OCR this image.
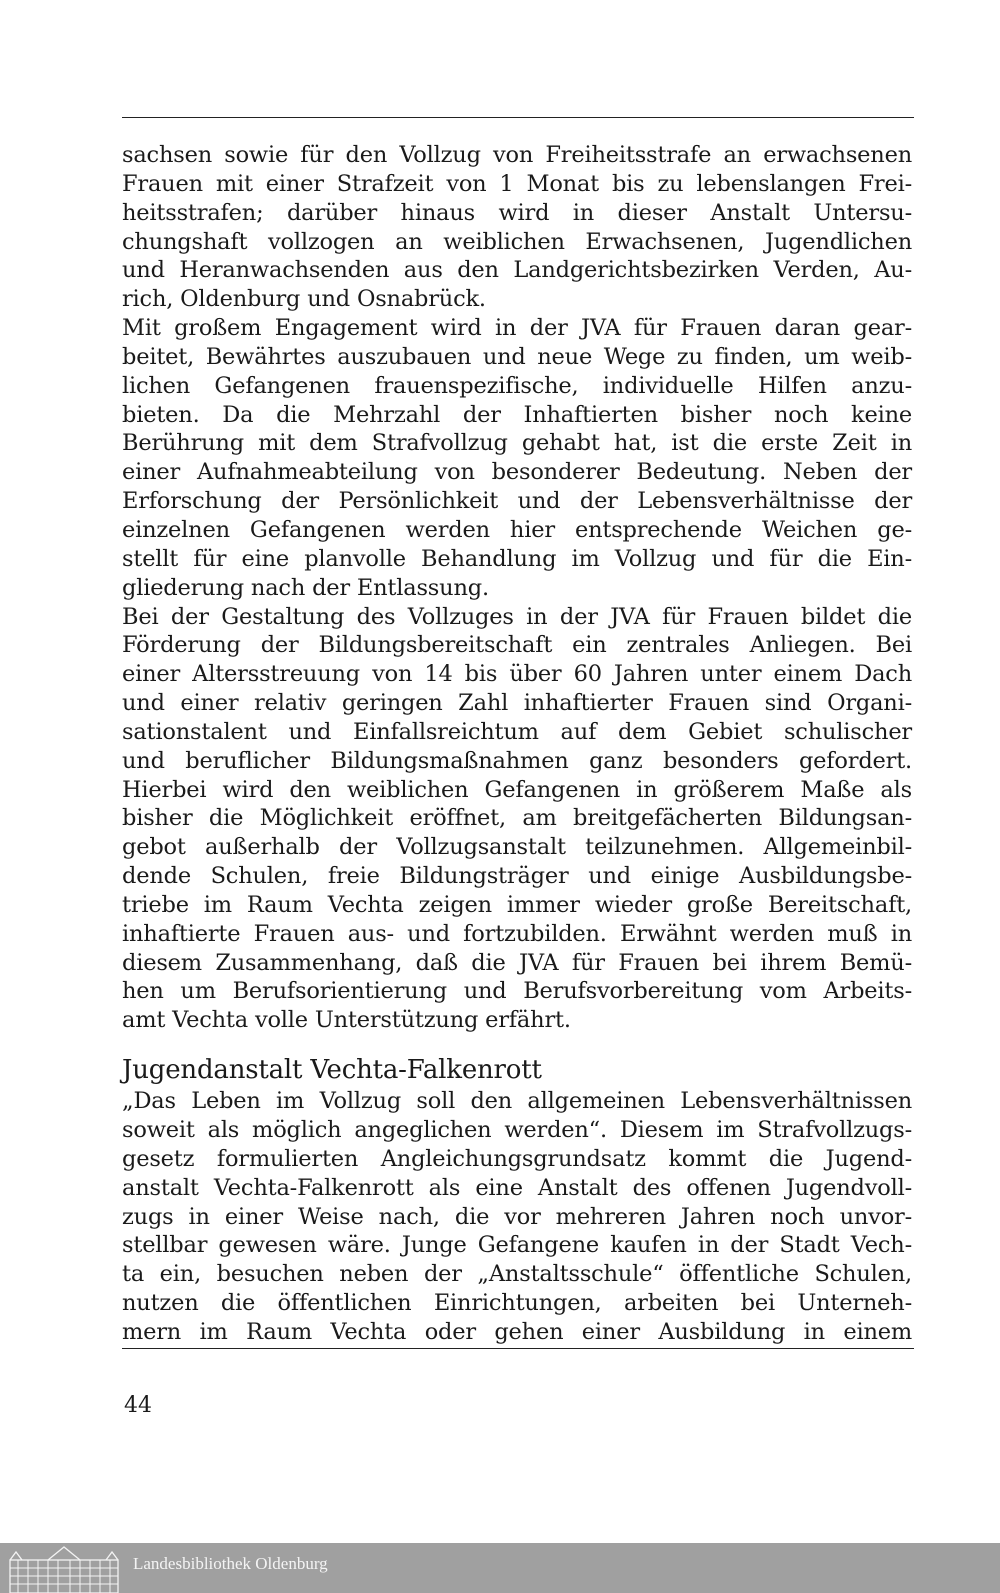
sachsen sowie für den Vollzug von Freiheitsstrafe an erwachsenen
Frauen mit einer Strafzeit von 1 Monat bis zu lebenslangen Frei-
heitsstrafen; darüber hinaus wird in dieser Anstalt Untersu-
chungshaft vollzogen an weiblichen Erwachsenen, Jugendlichen
und Heranwachsenden aus den Landgerichtsbezirken Verden, Au-
rich, Oldenburg und Osnabrück.
Mit großem Engagement wird in der JVA für Frauen daran gear-
beitet, Bewährtes auszubauen und neue Wege zu finden, um weib-
lichen Gefangenen frauenspezifische, individuelle Hilfen anzu-
bieten. Da die Mehrzahl der Inhaftierten bisher noch keine
Berührung mit dem Strafvollzug gehabt hat, ist die erste Zeit in
einer Aufnahmeabteilung von besonderer Bedeutung. Neben der
Erforschung der Persönlichkeit und der Lebensverhältnisse der
einzelnen Gefangenen werden hier entsprechende Weichen ge-
stellt für eine planvolle Behandlung im Vollzug und für die Ein-
gliederung nach der Entlassung.
Bei der Gestaltung des Vollzuges in der JVA für Frauen bildet die
Förderung der Bildungsbereitschaft ein zentrales Anliegen. Bei
einer Altersstreuung von 14 bis über 60 Jahren unter einem Dach
und einer relativ geringen Zahl inhaftierter Frauen sind Organi-
sationstalent und Einfallsreichtum auf dem Gebiet schulischer
und beruflicher Bildungsmaßnahmen ganz besonders gefordert.
Hierbei wird den weiblichen Gefangenen in größerem Maße als
bisher die Möglichkeit eröffnet, am breitgefächerten Bildungsan-
gebot außerhalb der Vollzugsanstalt teilzunehmen. Allgemeinbil-
dende Schulen, freie Bildungsträger und einige Ausbildungsbe-
triebe im Raum Vechta zeigen immer wieder große Bereitschaft,
inhaftierte Frauen aus- und fortzubilden. Erwähnt werden muß in
diesem Zusammenhang, daß die JVA für Frauen bei ihrem Bemü-
hen um Berufsorientierung und Berufsvorbereitung vom Arbeits-
amt Vechta volle Unterstützung erfährt.
Jugendanstalt Vechta-Falkenrott
„Das Leben im Vollzug soll den allgemeinen Lebensverhältnissen
soweit als möglich angeglichen werden“. Diesem im Strafvollzugs-
gesetz formulierten Angleichungsgrundsatz kommt die Jugend-
anstalt Vechta-Falkenrott als eine Anstalt des offenen Jugendvoll-
zugs in einer Weise nach, die vor mehreren Jahren noch unvor-
stellbar gewesen wäre. Junge Gefangene kaufen in der Stadt Vech-
ta ein, besuchen neben der „Anstaltsschule“ öffentliche Schulen,
nutzen die öffentlichen Einrichtungen, arbeiten bei Unterneh-
mern im Raum Vechta oder gehen einer Ausbildung in einem
44
Landesbibliothek Oldenburg
